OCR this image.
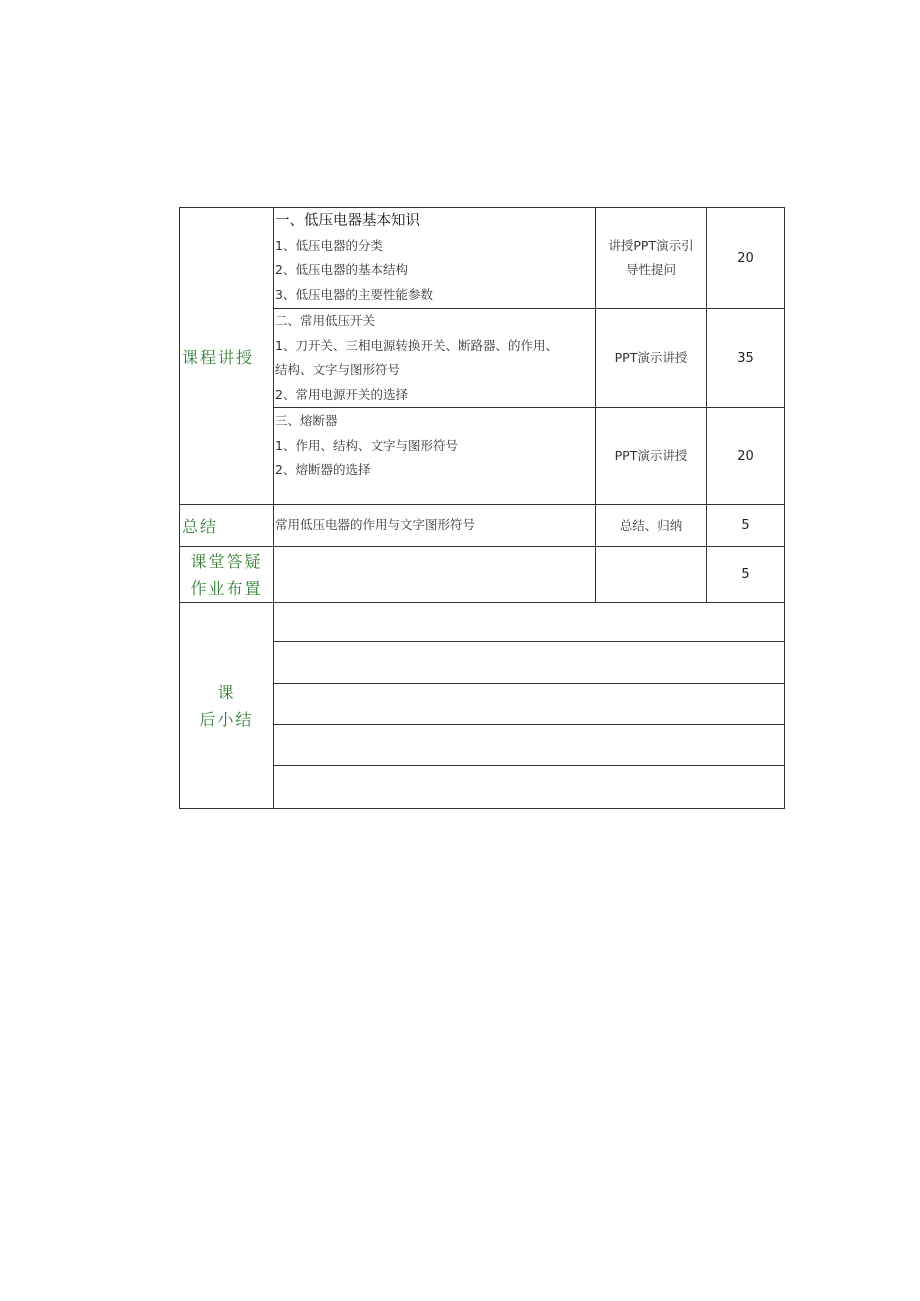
课程讲授	一、低压电器基本知识
1、低压电器的分类
2、低压电器的基本结构
3、低压电器的主要性能参数	讲授PPT演示引
导性提问	20

	二、常用低压开关
1、刀开关、三相电源转换开关、断路器、的作用、
结构、文字与图形符号
2、常用电源开关的选择	PPT演示讲授	35

	三、熔断器
1、作用、结构、文字与图形符号
2、熔断器的选择	PPT演示讲授	20
总结	常用低压电器的作用与文字图形符号	总结、归纳	5

课堂答疑
作业布置			5

课
后小结			
